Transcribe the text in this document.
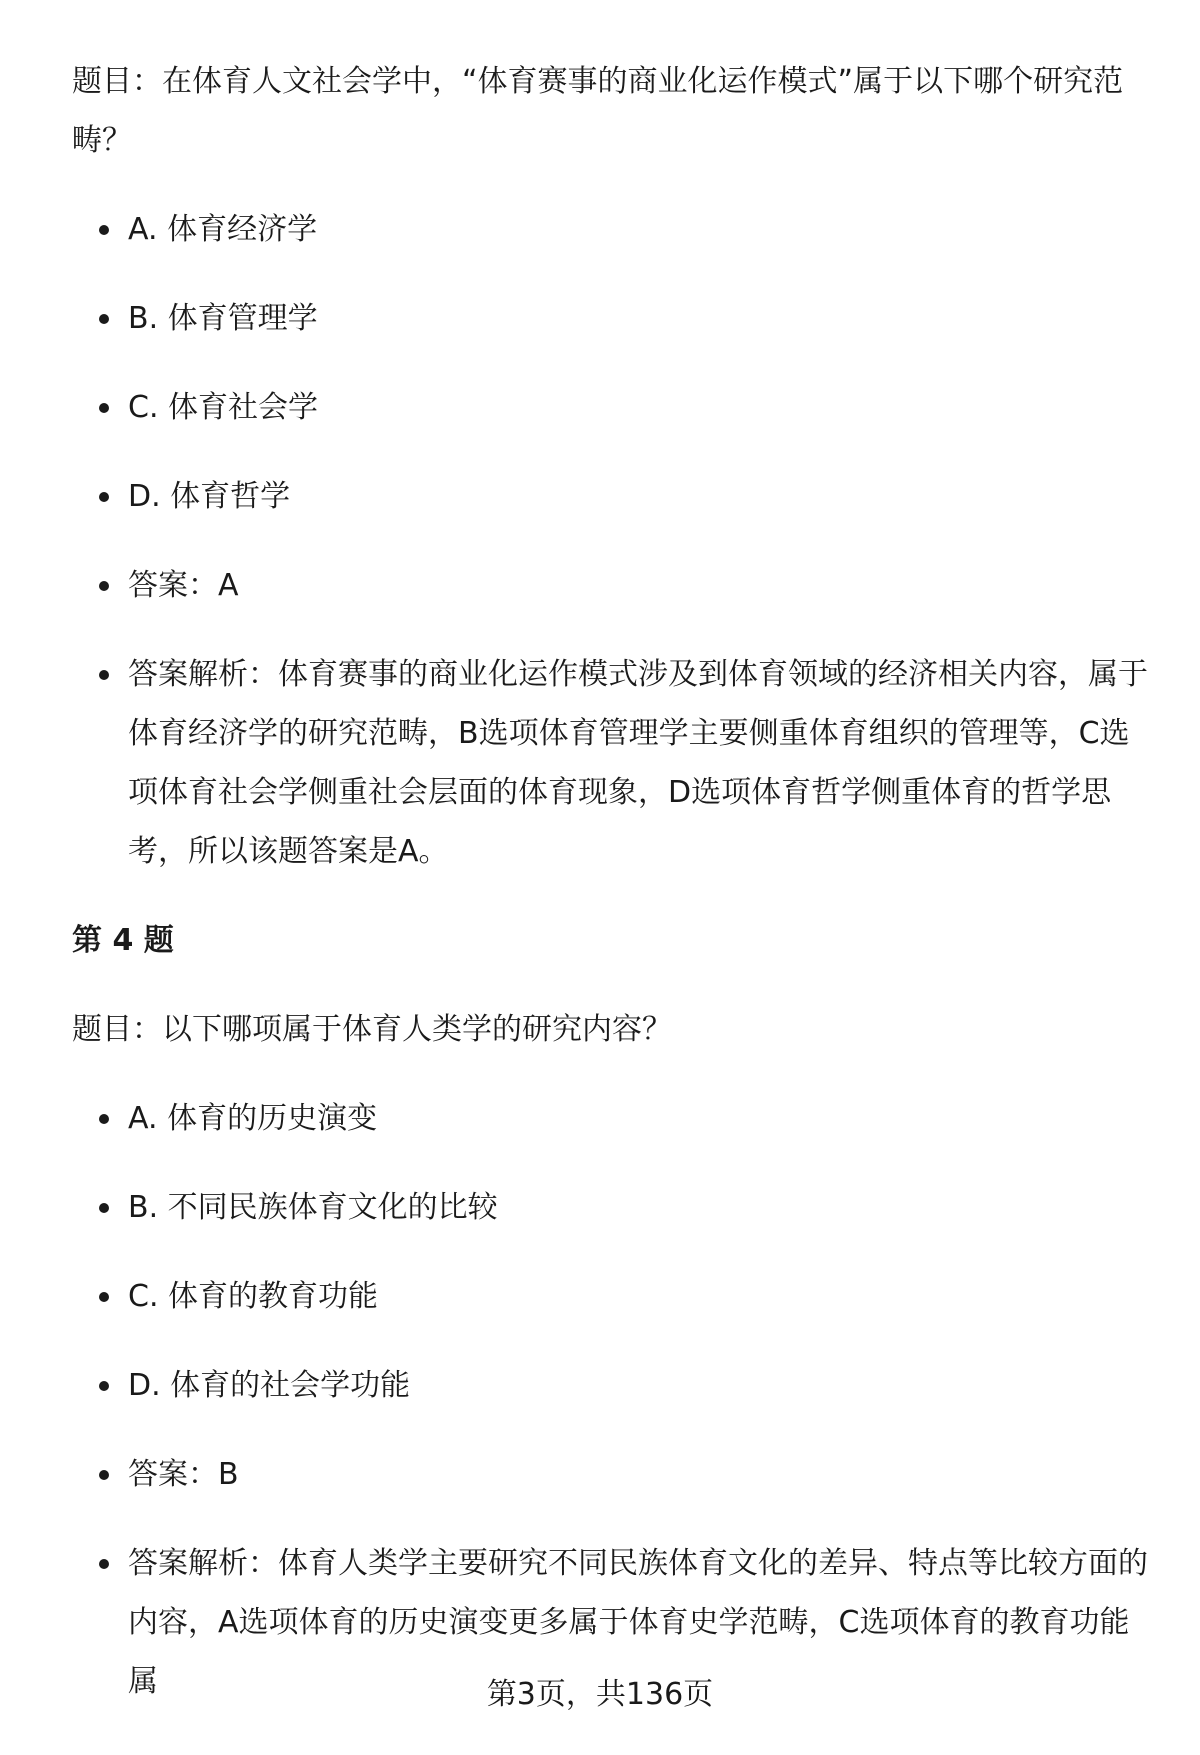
题目：在体育人文社会学中，“体育赛事的商业化运作模式”属于以下哪个研究范畴？

A. 体育经济学
B. 体育管理学
C. 体育社会学
D. 体育哲学
答案：A
答案解析：体育赛事的商业化运作模式涉及到体育领域的经济相关内容，属于体育经济学的研究范畴，B选项体育管理学主要侧重体育组织的管理等，C选项体育社会学侧重社会层面的体育现象，D选项体育哲学侧重体育的哲学思考，所以该题答案是A。

第 4 题

题目：以下哪项属于体育人类学的研究内容？

A. 体育的历史演变
B. 不同民族体育文化的比较
C. 体育的教育功能
D. 体育的社会学功能
答案：B
答案解析：体育人类学主要研究不同民族体育文化的差异、特点等比较方面的内容，A选项体育的历史演变更多属于体育史学范畴，C选项体育的教育功能属	第3页，共136页
